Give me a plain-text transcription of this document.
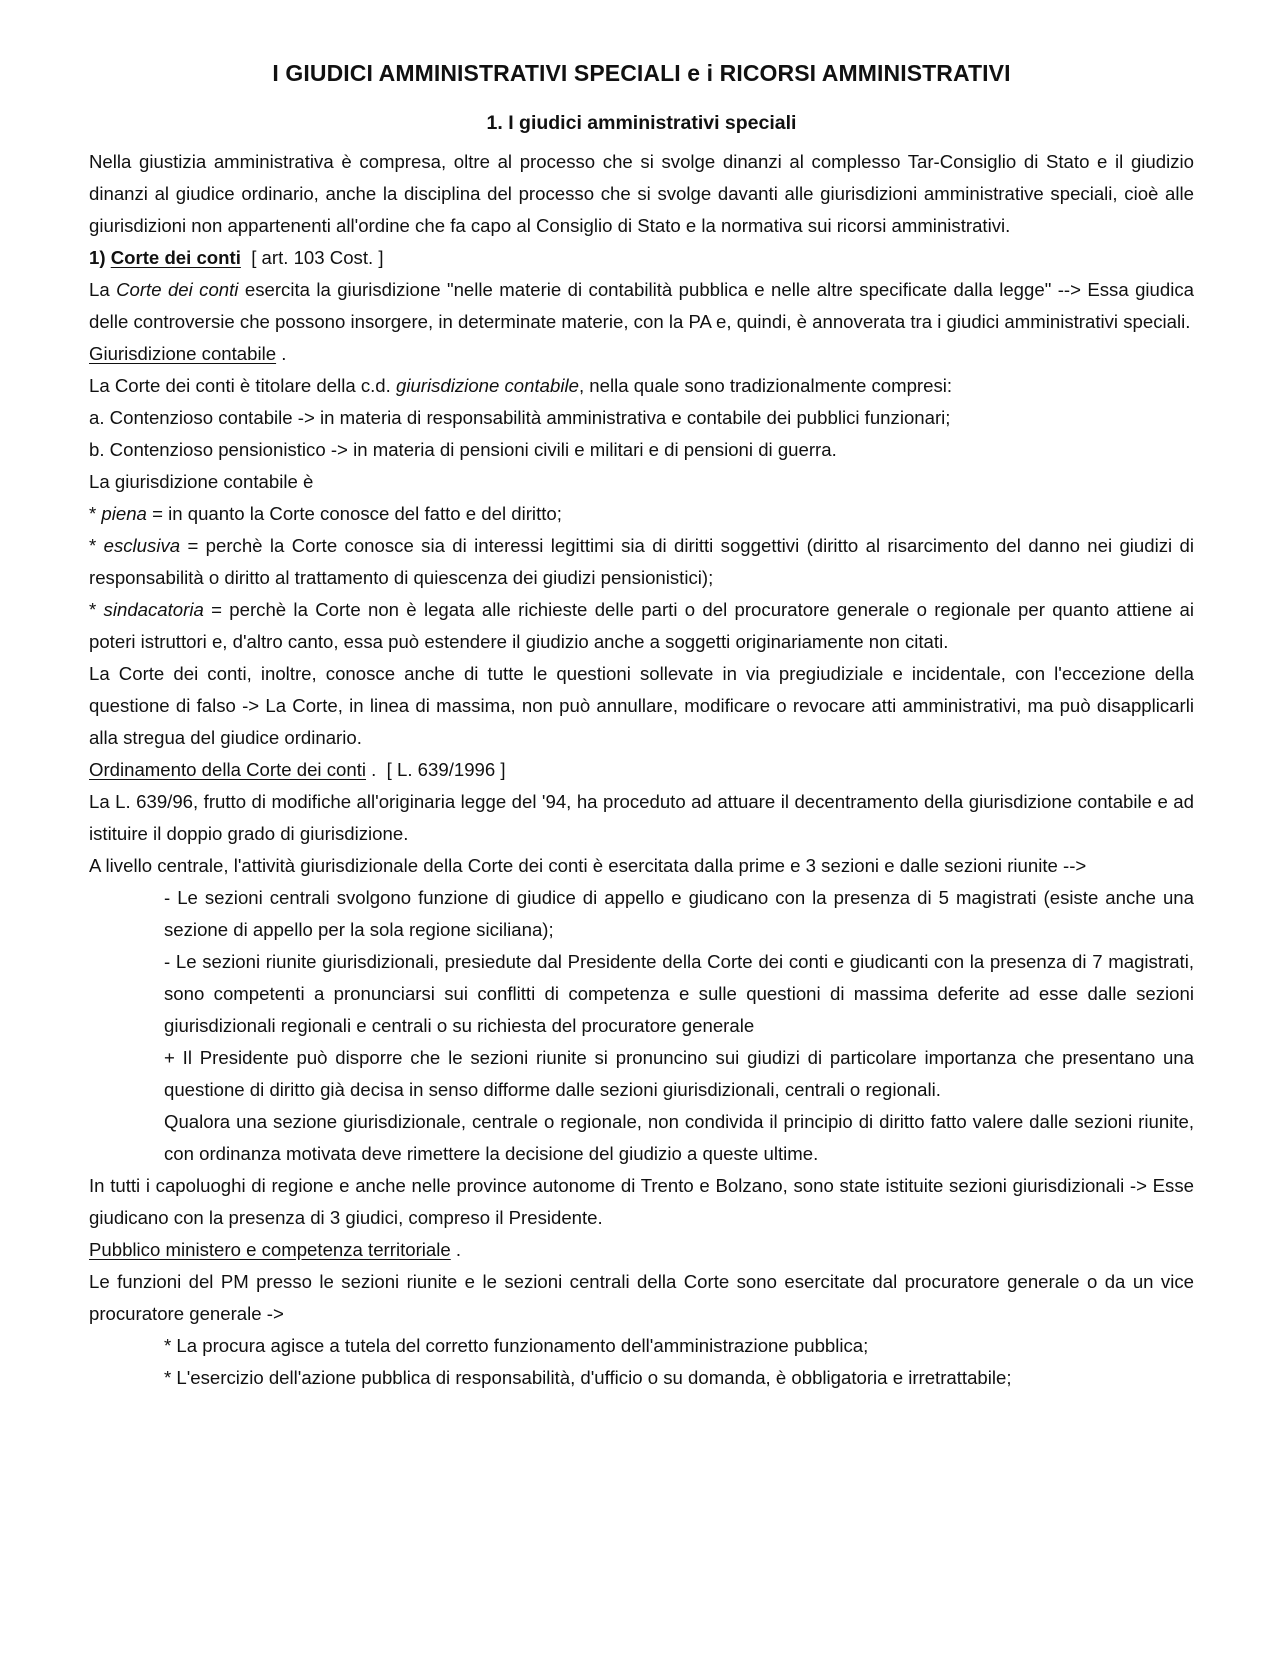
I GIUDICI AMMINISTRATIVI SPECIALI e i RICORSI AMMINISTRATIVI
1. I giudici amministrativi speciali

Nella giustizia amministrativa è compresa, oltre al processo che si svolge dinanzi al complesso Tar-Consiglio di Stato e il giudizio dinanzi al giudice ordinario, anche la disciplina del processo che si svolge davanti alle giurisdizioni amministrative speciali, cioè alle giurisdizioni non appartenenti all'ordine che fa capo al Consiglio di Stato e la normativa sui ricorsi amministrativi.

1) Corte dei conti  [ art. 103 Cost. ]

La Corte dei conti esercita la giurisdizione "nelle materie di contabilità pubblica e nelle altre specificate dalla legge" --> Essa giudica delle controversie che possono insorgere, in determinate materie, con la PA e, quindi, è annoverata tra i giudici amministrativi speciali.

Giurisdizione contabile .

La Corte dei conti è titolare della c.d. giurisdizione contabile, nella quale sono tradizionalmente compresi:

a. Contenzioso contabile -> in materia di responsabilità amministrativa e contabile dei pubblici funzionari;

b. Contenzioso pensionistico -> in materia di pensioni civili e militari e di pensioni di guerra.

La giurisdizione contabile è

* piena = in quanto la Corte conosce del fatto e del diritto;

* esclusiva = perchè la Corte conosce sia di interessi legittimi sia di diritti soggettivi (diritto al risarcimento del danno nei giudizi di responsabilità o diritto al trattamento di quiescenza dei giudizi pensionistici);

* sindacatoria = perchè la Corte non è legata alle richieste delle parti o del procuratore generale o regionale per quanto attiene ai poteri istruttori e, d'altro canto, essa può estendere il giudizio anche a soggetti originariamente non citati.

La Corte dei conti, inoltre, conosce anche di tutte le questioni sollevate in via pregiudiziale e incidentale, con l'eccezione della questione di falso -> La Corte, in linea di massima, non può annullare, modificare o revocare atti amministrativi, ma può disapplicarli alla stregua del giudice ordinario.

Ordinamento della Corte dei conti .  [ L. 639/1996 ]

La L. 639/96, frutto di modifiche all'originaria legge del '94, ha proceduto ad attuare il decentramento della giurisdizione contabile e ad istituire il doppio grado di giurisdizione.

A livello centrale, l'attività giurisdizionale della Corte dei conti è esercitata dalla prime e 3 sezioni e dalle sezioni riunite -->

- Le sezioni centrali svolgono funzione di giudice di appello e giudicano con la presenza di 5 magistrati (esiste anche una sezione di appello per la sola regione siciliana);

- Le sezioni riunite giurisdizionali, presiedute dal Presidente della Corte dei conti e giudicanti con la presenza di 7 magistrati, sono competenti a pronunciarsi sui conflitti di competenza e sulle questioni di massima deferite ad esse dalle sezioni giurisdizionali regionali e centrali o su richiesta del procuratore generale

+ Il Presidente può disporre che le sezioni riunite si pronuncino sui giudizi di particolare importanza che presentano una questione di diritto già decisa in senso difforme dalle sezioni giurisdizionali, centrali o regionali.

Qualora una sezione giurisdizionale, centrale o regionale, non condivida il principio di diritto fatto valere dalle sezioni riunite, con ordinanza motivata deve rimettere la decisione del giudizio a queste ultime.

In tutti i capoluoghi di regione e anche nelle province autonome di Trento e Bolzano, sono state istituite sezioni giurisdizionali -> Esse giudicano con la presenza di 3 giudici, compreso il Presidente.

Pubblico ministero e competenza territoriale .

Le funzioni del PM presso le sezioni riunite e le sezioni centrali della Corte sono esercitate dal procuratore generale o da un vice procuratore generale ->

* La procura agisce a tutela del corretto funzionamento dell'amministrazione pubblica;

* L'esercizio dell'azione pubblica di responsabilità, d'ufficio o su domanda, è obbligatoria e irretrattabile;
